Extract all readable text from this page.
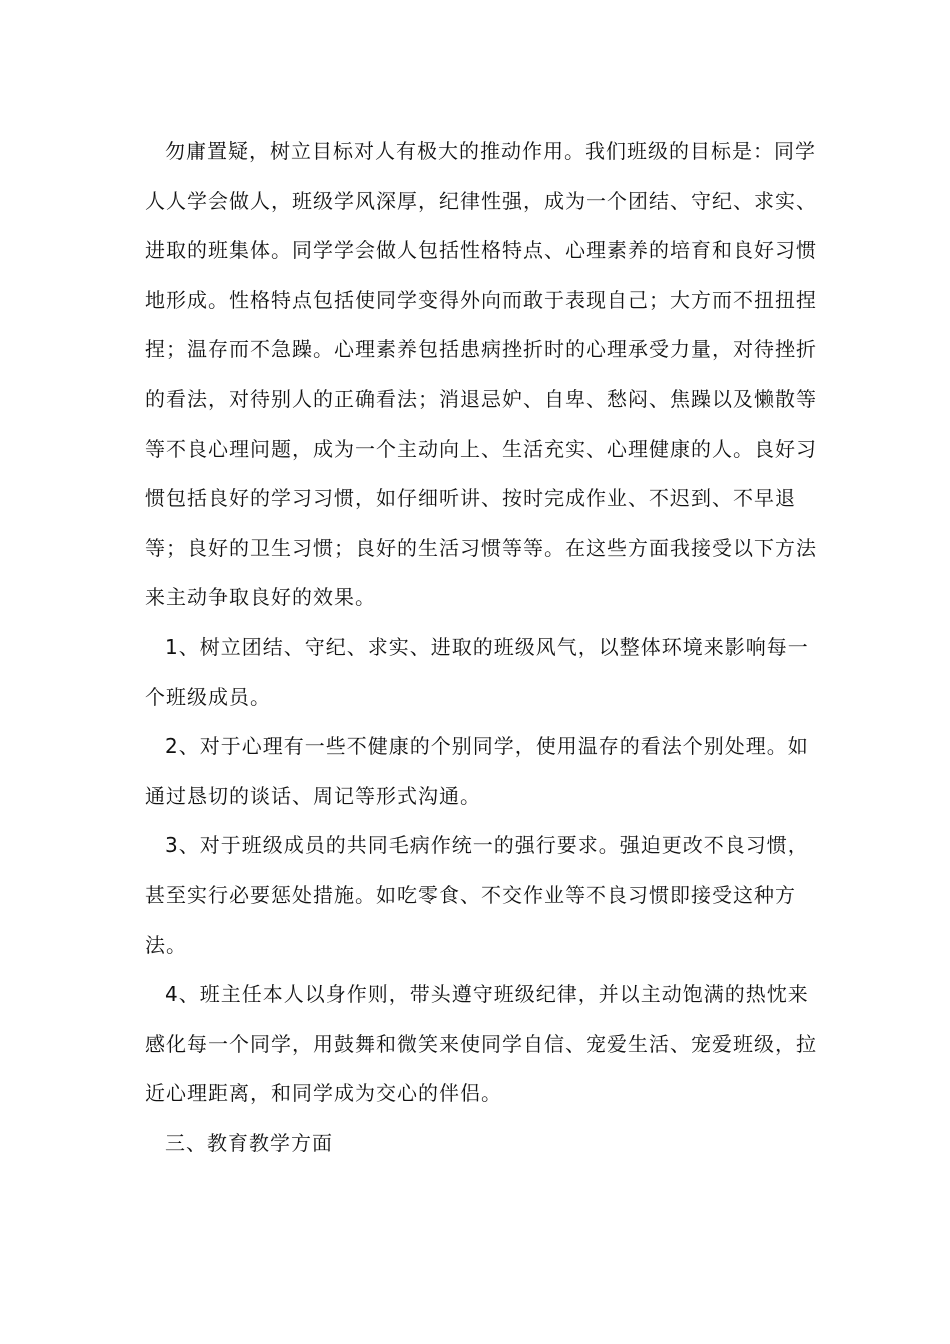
勿庸置疑，树立目标对人有极大的推动作用。我们班级的目标是：同学人人学会做人，班级学风深厚，纪律性强，成为一个团结、守纪、求实、进取的班集体。同学学会做人包括性格特点、心理素养的培育和良好习惯地形成。性格特点包括使同学变得外向而敢于表现自己；大方而不扭扭捏捏；温存而不急躁。心理素养包括患病挫折时的心理承受力量，对待挫折的看法，对待别人的正确看法；消退忌妒、自卑、愁闷、焦躁以及懒散等等不良心理问题，成为一个主动向上、生活充实、心理健康的人。良好习惯包括良好的学习习惯，如仔细听讲、按时完成作业、不迟到、不早退等；良好的卫生习惯；良好的生活习惯等等。在这些方面我接受以下方法来主动争取良好的效果。

1、树立团结、守纪、求实、进取的班级风气，以整体环境来影响每一个班级成员。

2、对于心理有一些不健康的个别同学，使用温存的看法个别处理。如通过恳切的谈话、周记等形式沟通。

3、对于班级成员的共同毛病作统一的强行要求。强迫更改不良习惯，甚至实行必要惩处措施。如吃零食、不交作业等不良习惯即接受这种方法。

4、班主任本人以身作则，带头遵守班级纪律，并以主动饱满的热忱来感化每一个同学，用鼓舞和微笑来使同学自信、宠爱生活、宠爱班级，拉近心理距离，和同学成为交心的伴侣。

三、教育教学方面
